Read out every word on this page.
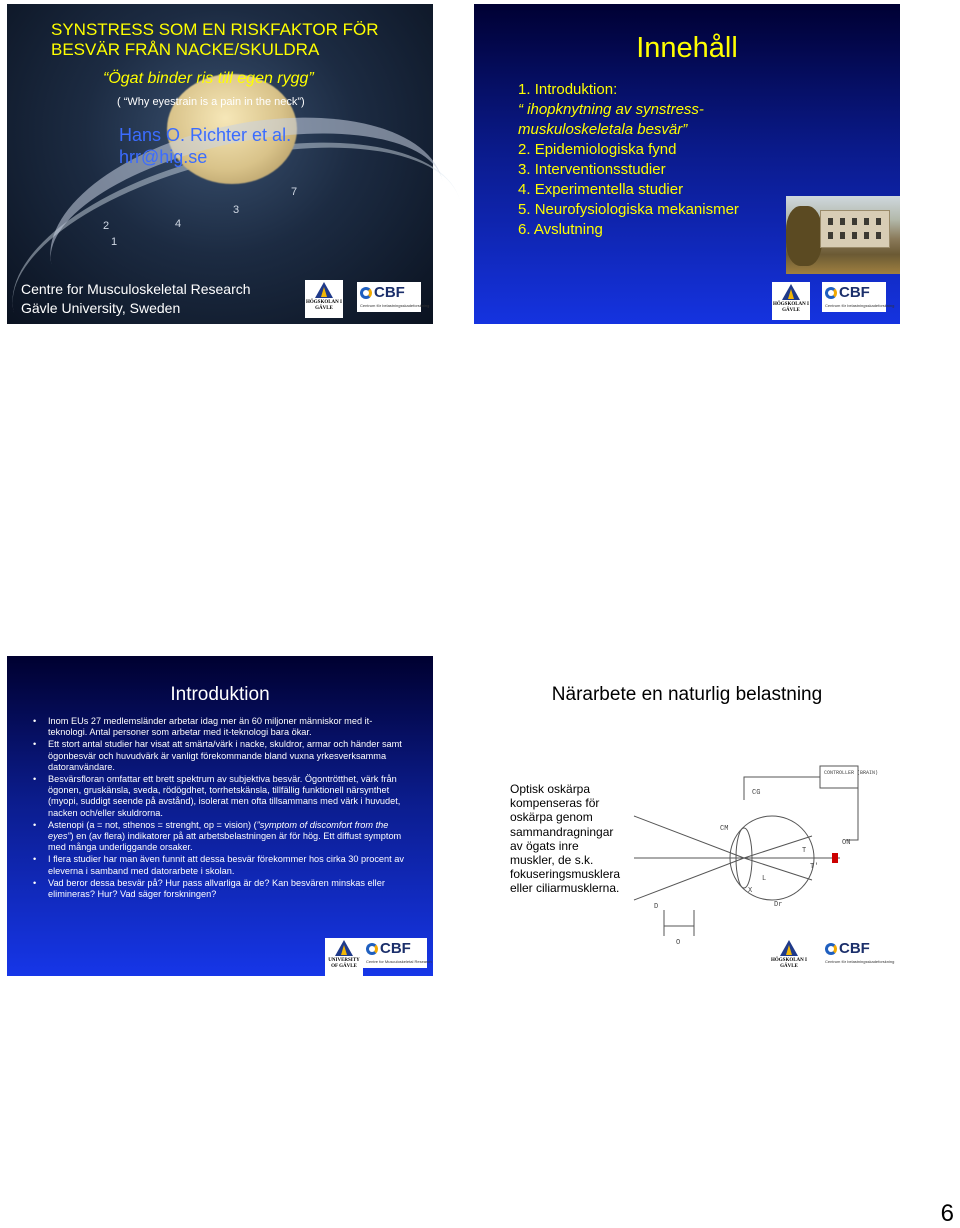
2
1
4
3
7
SYNSTRESS SOM EN RISKFAKTOR FÖR BESVÄR FRÅN NACKE/SKULDRA
“Ögat binder ris till egen rygg”
( “Why eyestrain is a pain in the neck”)
Hans O. Richter et al.
hrr@hig.se
Centre for Musculoskeletal Research
Gävle University, Sweden	HÖGSKOLAN I GÄVLE
CBF
Centrum för belastningsskadeforskning
Innehåll
1. Introduktion: “ ihopknytning av synstress-muskuloskeletala besvär”
2. Epidemiologiska fynd
3. Interventionsstudier
4. Experimentella studier
5. Neurofysiologiska mekanismer
6. Avslutning
HÖGSKOLAN I GÄVLE
CBF
Centrum för belastningsskadeforskning
Introduktion
• Inom EUs 27 medlemsländer arbetar idag mer än 60 miljoner människor med it-teknologi. Antal personer som arbetar med it-teknologi bara ökar.
• Ett stort antal studier har visat att smärta/värk i nacke, skuldror, armar och händer samt ögonbesvär och huvudvärk är vanligt förekommande bland vuxna yrkesverksamma datoranvändare.
• Besvärsfloran omfattar ett brett spektrum av subjektiva besvär. Ögontrötthet, värk från ögonen, gruskänsla, sveda, rödögdhet, torrhetskänsla, tillfällig funktionell närsynthet (myopi, suddigt seende på avstånd), isolerat men ofta tillsammans med värk i huvudet, nacken och/eller skuldrorna.
• Astenopi (a = not, sthenos = strenght, op = vision) (”symptom of discomfort from the eyes”) en (av flera) indikatorer på att arbetsbelastningen är för hög. Ett diffust symptom med många underliggande orsaker.
• I flera studier har man även funnit att dessa besvär förekommer hos cirka 30 procent av eleverna i samband med datorarbete i skolan.
• Vad beror dessa besvär på? Hur pass allvarliga är de? Kan besvären minskas eller elimineras? Hur? Vad säger forskningen?
UNIVERSITY OF GÄVLE
CBF
Centre for Musculoskeletal Research
Närarbete en naturlig belastning
Optisk oskärpa kompenseras för oskärpa genom sammandragningar av ögats inre muskler, de s.k. fokuseringsmusklera eller ciliarmusklerna.
CONTROLLER (BRAIN)
CG
CM
ON
T
T'
L
X
D
O
Dr
HÖGSKOLAN I GÄVLE
CBF
Centrum för belastningsskadeforskning
6
